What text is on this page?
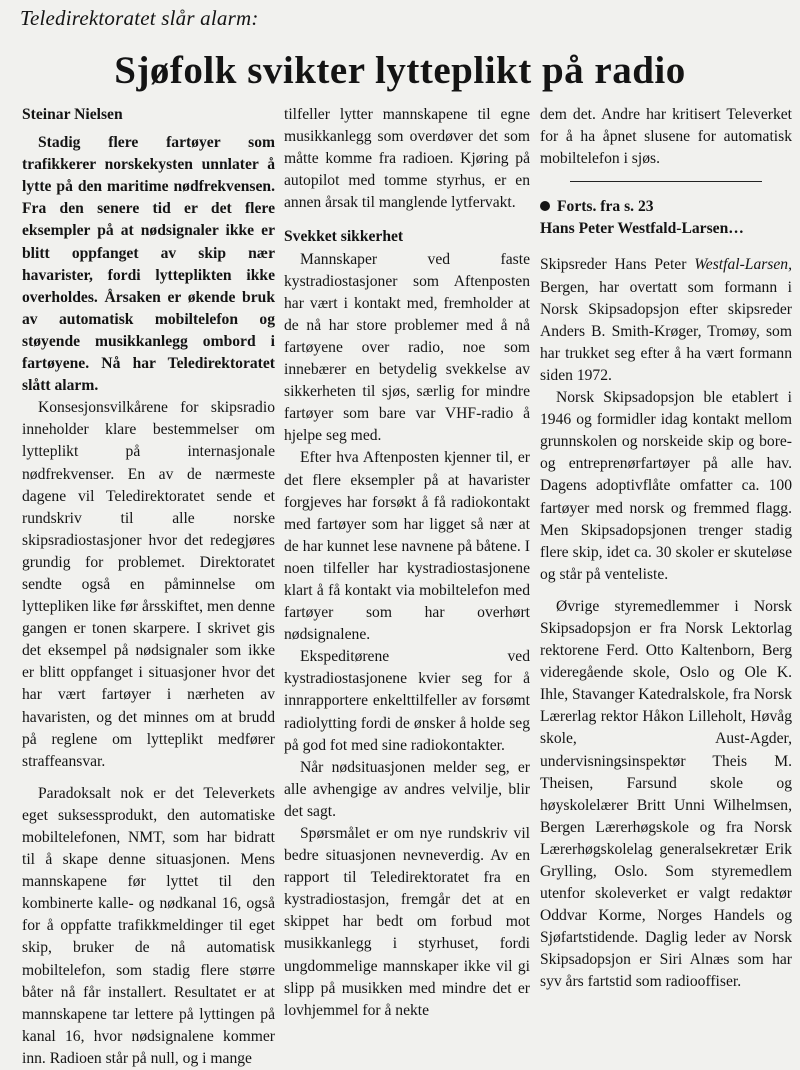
Teledirektoratet slår alarm:
Sjøfolk svikter lytteplikt på radio
Steinar Nielsen

Stadig flere fartøyer som trafikkerer norskekysten unnlater å lytte på den maritime nødfrekvensen. Fra den senere tid er det flere eksempler på at nødsignaler ikke er blitt oppfanget av skip nær havarister, fordi lytteplikten ikke overholdes. Årsaken er økende bruk av automatisk mobiltelefon og støyende musikkanlegg ombord i fartøyene. Nå har Teledirektoratet slått alarm.

Konsesjonsvilkårene for skipsradio inneholder klare bestemmelser om lytteplikt på internasjonale nødfrekvenser. En av de nærmeste dagene vil Teledirektoratet sende et rundskriv til alle norske skipsradiostasjoner hvor det redegjøres grundig for problemet. Direktoratet sendte også en påminnelse om lyttepliken like før årsskiftet, men denne gangen er tonen skarpere. I skrivet gis det eksempel på nødsignaler som ikke er blitt oppfanget i situasjoner hvor det har vært fartøyer i nærheten av havaristen, og det minnes om at brudd på reglene om lytteplikt medfører straffeansvar.

Paradoksalt nok er det Televerkets eget suksessprodukt, den automatiske mobiltelefonen, NMT, som har bidratt til å skape denne situasjonen. Mens mannskapene før lyttet til den kombinerte kalle- og nødkanal 16, også for å oppfatte trafikkmeldinger til eget skip, bruker de nå automatisk mobiltelefon, som stadig flere større båter nå får installert. Resultatet er at mannskapene tar lettere på lyttingen på kanal 16, hvor nødsignalene kommer inn. Radioen står på null, og i mange

tilfeller lytter mannskapene til egne musikkanlegg som overdøver det som måtte komme fra radioen. Kjøring på autopilot med tomme styrhus, er en annen årsak til manglende lytfervakt.

Svekket sikkerhet

Mannskaper ved faste kystradiostasjoner som Aftenposten har vært i kontakt med, fremholder at de nå har store problemer med å nå fartøyene over radio, noe som innebærer en betydelig svekkelse av sikkerheten til sjøs, særlig for mindre fartøyer som bare var VHF-radio å hjelpe seg med.

Efter hva Aftenposten kjenner til, er det flere eksempler på at havarister forgjeves har forsøkt å få radiokontakt med fartøyer som har ligget så nær at de har kunnet lese navnene på båtene. I noen tilfeller har kystradiostasjonene klart å få kontakt via mobiltelefon med fartøyer som har overhørt nødsignalene.

Ekspeditørene ved kystradiostasjonene kvier seg for å innrapportere enkelttilfeller av forsømt radiolytting fordi de ønsker å holde seg på god fot med sine radiokontakter.

Når nødsituasjonen melder seg, er alle avhengige av andres velvilje, blir det sagt.

Spørsmålet er om nye rundskriv vil bedre situasjonen nevneverdig. Av en rapport til Teledirektoratet fra en kystradiostasjon, fremgår det at en skippet har bedt om forbud mot musikkanlegg i styrhuset, fordi ungdommelige mannskaper ikke vil gi slipp på musikken med mindre det er lovhjemmel for å nekte

dem det. Andre har kritisert Televerket for å ha åpnet slusene for automatisk mobiltelefon i sjøs.

Forts. fra s. 23
Hans Peter Westfald-Larsen…

Skipsreder Hans Peter Westfal-Larsen, Bergen, har overtatt som formann i Norsk Skipsadopsjon efter skipsreder Anders B. Smith-Krøger, Tromøy, som har trukket seg efter å ha vært formann siden 1972.

Norsk Skipsadopsjon ble etablert i 1946 og formidler idag kontakt mellom grunnskolen og norskeide skip og bore- og entreprenørfartøyer på alle hav. Dagens adoptivflåte omfatter ca. 100 fartøyer med norsk og fremmed flagg. Men Skipsadopsjonen trenger stadig flere skip, idet ca. 30 skoler er skuteløse og står på venteliste.

Øvrige styremedlemmer i Norsk Skipsadopsjon er fra Norsk Lektorlag rektorene Ferd. Otto Kaltenborn, Berg videregående skole, Oslo og Ole K. Ihle, Stavanger Katedralskole, fra Norsk Lærerlag rektor Håkon Lilleholt, Høvåg skole, Aust-Agder, undervisningsinspektør Theis M. Theisen, Farsund skole og høyskolelærer Britt Unni Wilhelmsen, Bergen Lærerhøgskole og fra Norsk Lærerhøgskolelag generalsekretær Erik Grylling, Oslo. Som styremedlem utenfor skoleverket er valgt redaktør Oddvar Korme, Norges Handels og Sjøfartstidende. Daglig leder av Norsk Skipsadopsjon er Siri Alnæs som har syv års fartstid som radiooffiser.
